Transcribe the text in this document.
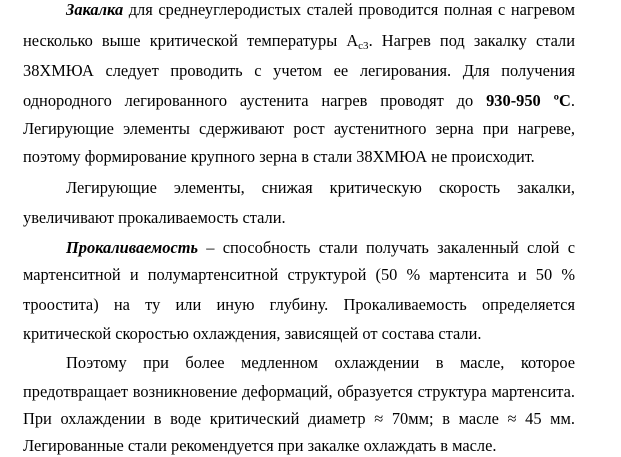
Закалка для среднеуглеродистых сталей проводится полная с нагревом
несколько выше критической температуры $А_{с3}$. Нагрев под закалку стали
38ХМЮА следует проводить с учетом ее легирования. Для получения
однородного легированного аустенита нагрев проводят до 930-950 ºС.
Легирующие элементы сдерживают рост аустенитного зерна при нагреве,
поэтому формирование крупного зерна в стали 38ХМЮА не происходит.
Легирующие элементы, снижая критическую скорость закалки,
увеличивают прокаливаемость стали.
Прокаливаемость – способность стали получать закаленный слой с
мартенситной и полумартенситной структурой (50 % мартенсита и 50 %
троостита) на ту или иную глубину. Прокаливаемость определяется
критической скоростью охлаждения, зависящей от состава стали.
Поэтому при более медленном охлаждении в масле, которое
предотвращает возникновение деформаций, образуется структура мартенсита.
При охлаждении в воде критический диаметр ≈ 70мм; в масле ≈ 45 мм.
Легированные стали рекомендуется при закалке охлаждать в масле.
